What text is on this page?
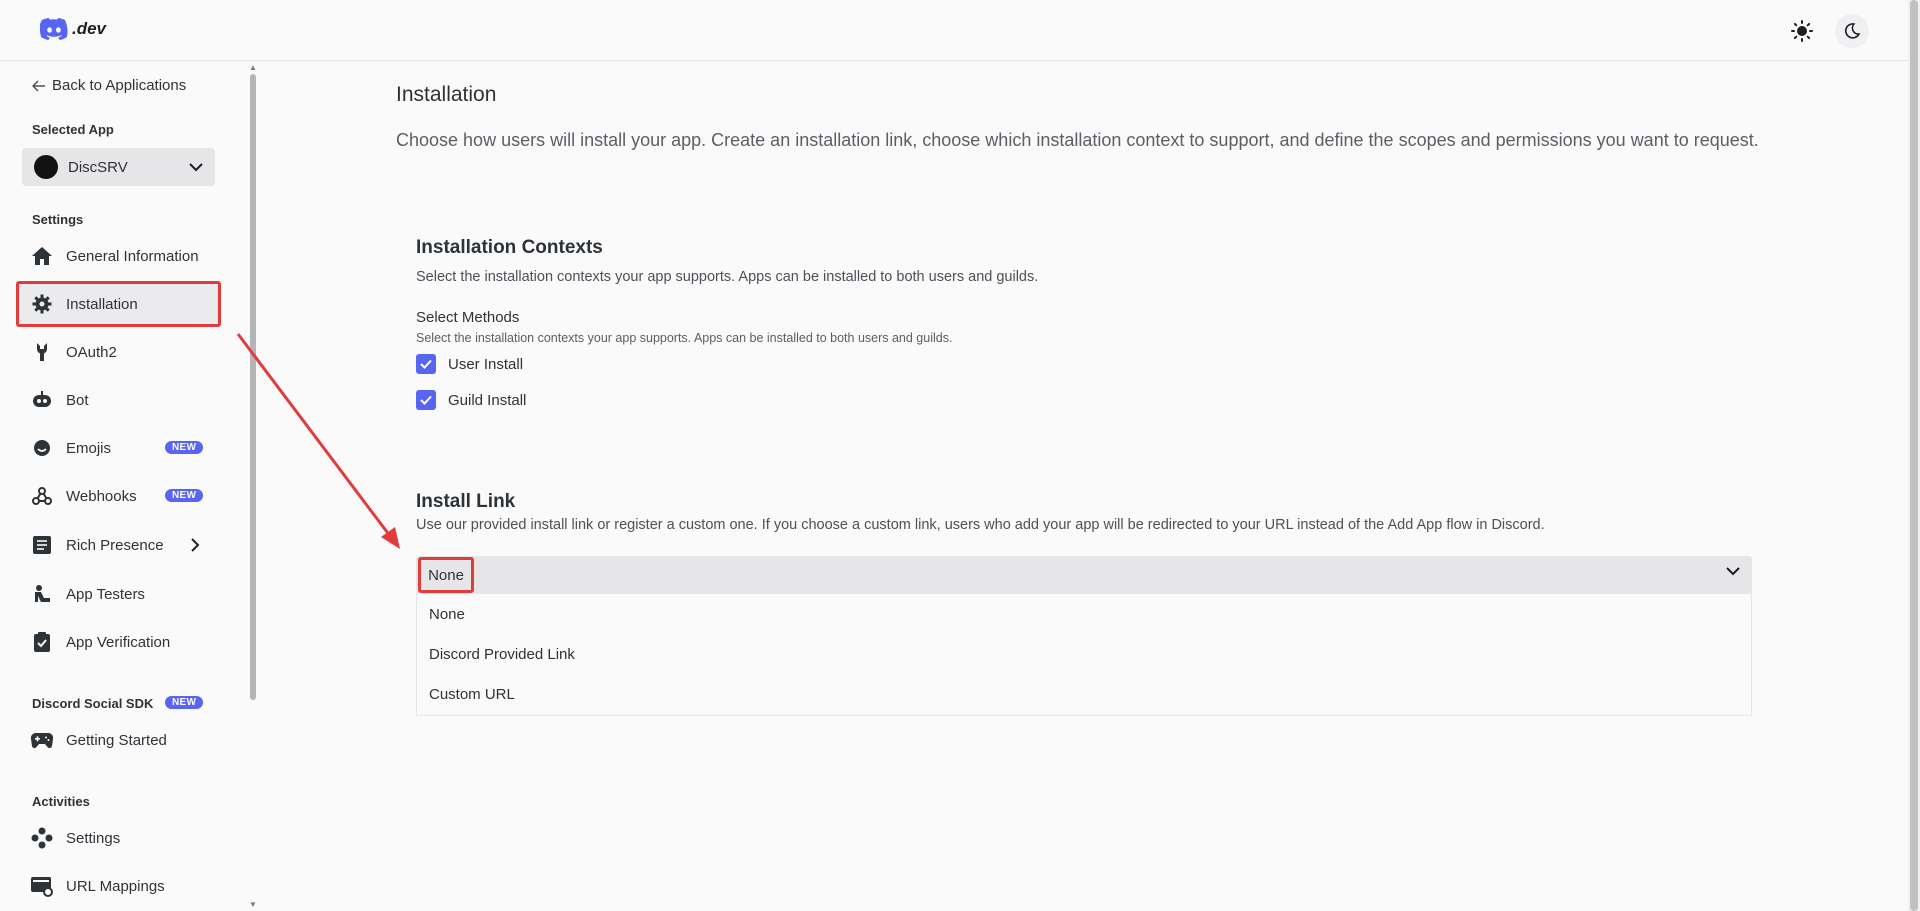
.dev
▲
▼
Back to Applications
Selected App
DiscSRV
Settings
General Information
Installation
OAuth2
Bot
Emojis	NEW
Webhooks	NEW
Rich Presence
App Testers
App Verification
Discord Social SDK	NEW
Getting Started
Activities
Settings
URL Mappings
Installation

Choose how users will install your app. Create an installation link, choose which installation context to support, and define the scopes and permissions you want to request.

Installation Contexts

Select the installation contexts your app supports. Apps can be installed to both users and guilds.

Select Methods
Select the installation contexts your app supports. Apps can be installed to both users and guilds.
User Install
Guild Install
Install Link

Use our provided install link or register a custom one. If you choose a custom link, users who add your app will be redirected to your URL instead of the Add App flow in Discord.

None
None
Discord Provided Link
Custom URL
